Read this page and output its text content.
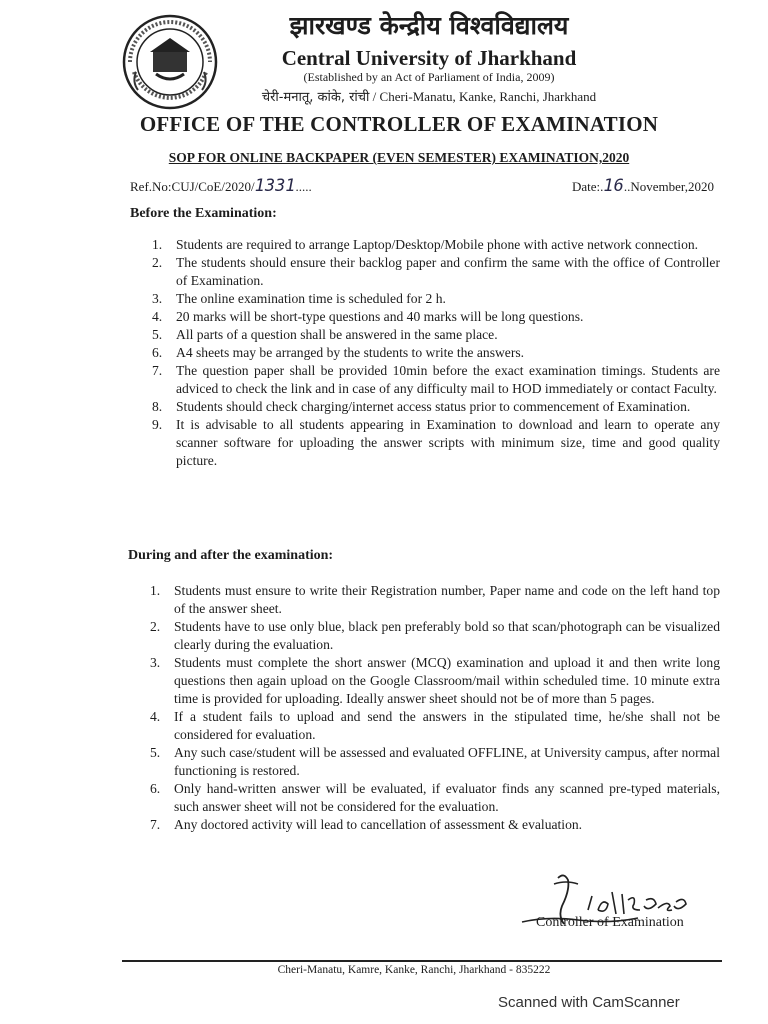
झारखण्ड केन्द्रीय विश्वविद्यालय
Central University of Jharkhand
(Established by an Act of Parliament of India, 2009)
चेरी-मनातू, कांके, रांची / Cheri-Manatu, Kanke, Ranchi, Jharkhand
OFFICE OF THE CONTROLLER OF EXAMINATION
SOP FOR ONLINE BACKPAPER (EVEN SEMESTER) EXAMINATION,2020
Ref.No:CUJ/CoE/2020/1331.....	Date:.16..November,2020
Before the Examination:
1. Students are required to arrange Laptop/Desktop/Mobile phone with active network connection.
2. The students should ensure their backlog paper and confirm the same with the office of Controller of Examination.
3. The online examination time is scheduled for 2 h.
4. 20 marks will be short-type questions and 40 marks will be long questions.
5. All parts of a question shall be answered in the same place.
6. A4 sheets may be arranged by the students to write the answers.
7. The question paper shall be provided 10min before the exact examination timings. Students are adviced to check the link and in case of any difficulty mail to HOD immediately or contact Faculty.
8. Students should check charging/internet access status prior to commencement of Examination.
9. It is advisable to all students appearing in Examination to download and learn to operate any scanner software for uploading the answer scripts with minimum size, time and good quality picture.
During and after the examination:
1. Students must ensure to write their Registration number, Paper name and code on the left hand top of the answer sheet.
2. Students have to use only blue, black pen preferably bold so that scan/photograph can be visualized clearly during the evaluation.
3. Students must complete the short answer (MCQ) examination and upload it and then write long questions then again upload on the Google Classroom/mail within scheduled time. 10 minute extra time is provided for uploading. Ideally answer sheet should not be of more than 5 pages.
4. If a student fails to upload and send the answers in the stipulated time, he/she shall not be considered for evaluation.
5. Any such case/student will be assessed and evaluated OFFLINE, at University campus, after normal functioning is restored.
6. Only hand-written answer will be evaluated, if evaluator finds any scanned pre-typed materials, such answer sheet will not be considered for the evaluation.
7. Any doctored activity will lead to cancellation of assessment & evaluation.
Controller of Examination
Cheri-Manatu, Kamre, Kanke, Ranchi, Jharkhand - 835222
Scanned with CamScanner
